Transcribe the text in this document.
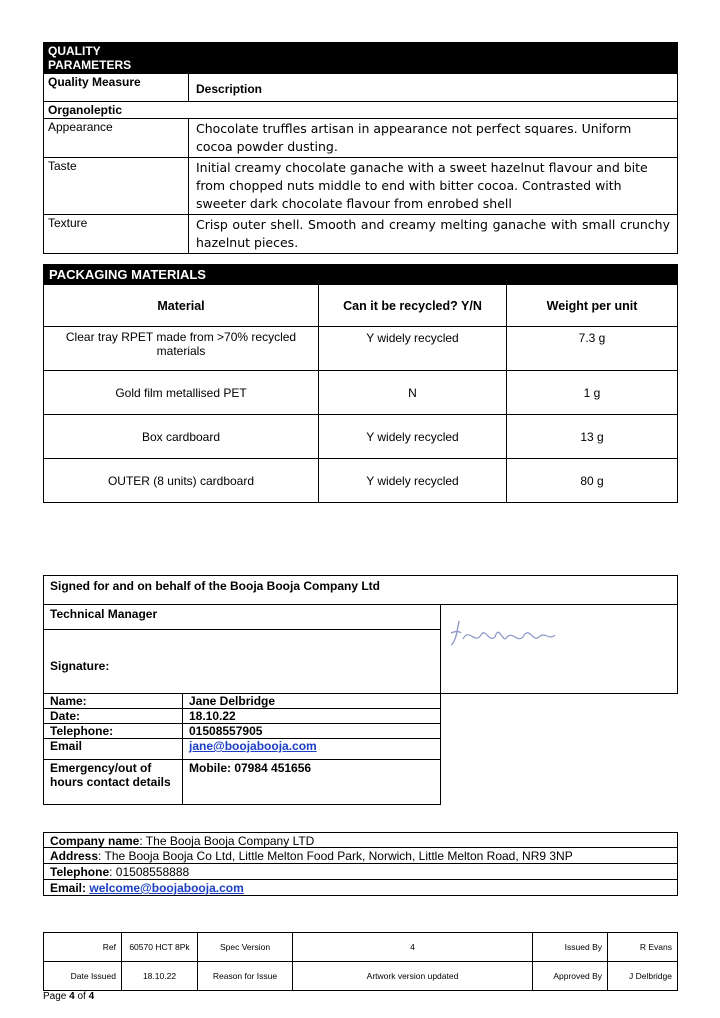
QUALITY PARAMETERS	
Quality Measure	Description
Organoleptic	
Appearance	Chocolate truffles artisan in appearance not perfect squares. Uniform cocoa powder dusting.
Taste	Initial creamy chocolate ganache with a sweet hazelnut flavour and bite from chopped nuts middle to end with bitter cocoa. Contrasted with sweeter dark chocolate flavour from enrobed shell
Texture	Crisp outer shell. Smooth and creamy melting ganache with small crunchy hazelnut pieces.
PACKAGING MATERIALS		
Material	Can it be recycled? Y/N	Weight per unit
Clear tray RPET made from >70% recycled materials	Y widely recycled	7.3 g
Gold film metallised PET	N	1 g
Box cardboard	Y widely recycled	13 g
OUTER (8 units) cardboard	Y widely recycled	80 g
Signed for and on behalf of the Booja Booja Company Ltd		
Technical Manager	
Signature:		
Name:	Jane Delbridge	
Date:	18.10.22	
Telephone:	01508557905	
Email	jane@boojabooja.com	
Emergency/out of hours contact details	Mobile: 07984 451656	
Company name: The Booja Booja Company LTD
Address: The Booja Booja Co Ltd, Little Melton Food Park, Norwich, Little Melton Road, NR9 3NP
Telephone: 01508558888
Email: welcome@boojabooja.com
Ref	60570 HCT 8Pk	Spec Version	4	Issued By	R Evans
Date Issued	18.10.22	Reason for Issue	Artwork version updated	Approved By	J Delbridge
Page 4 of 4
